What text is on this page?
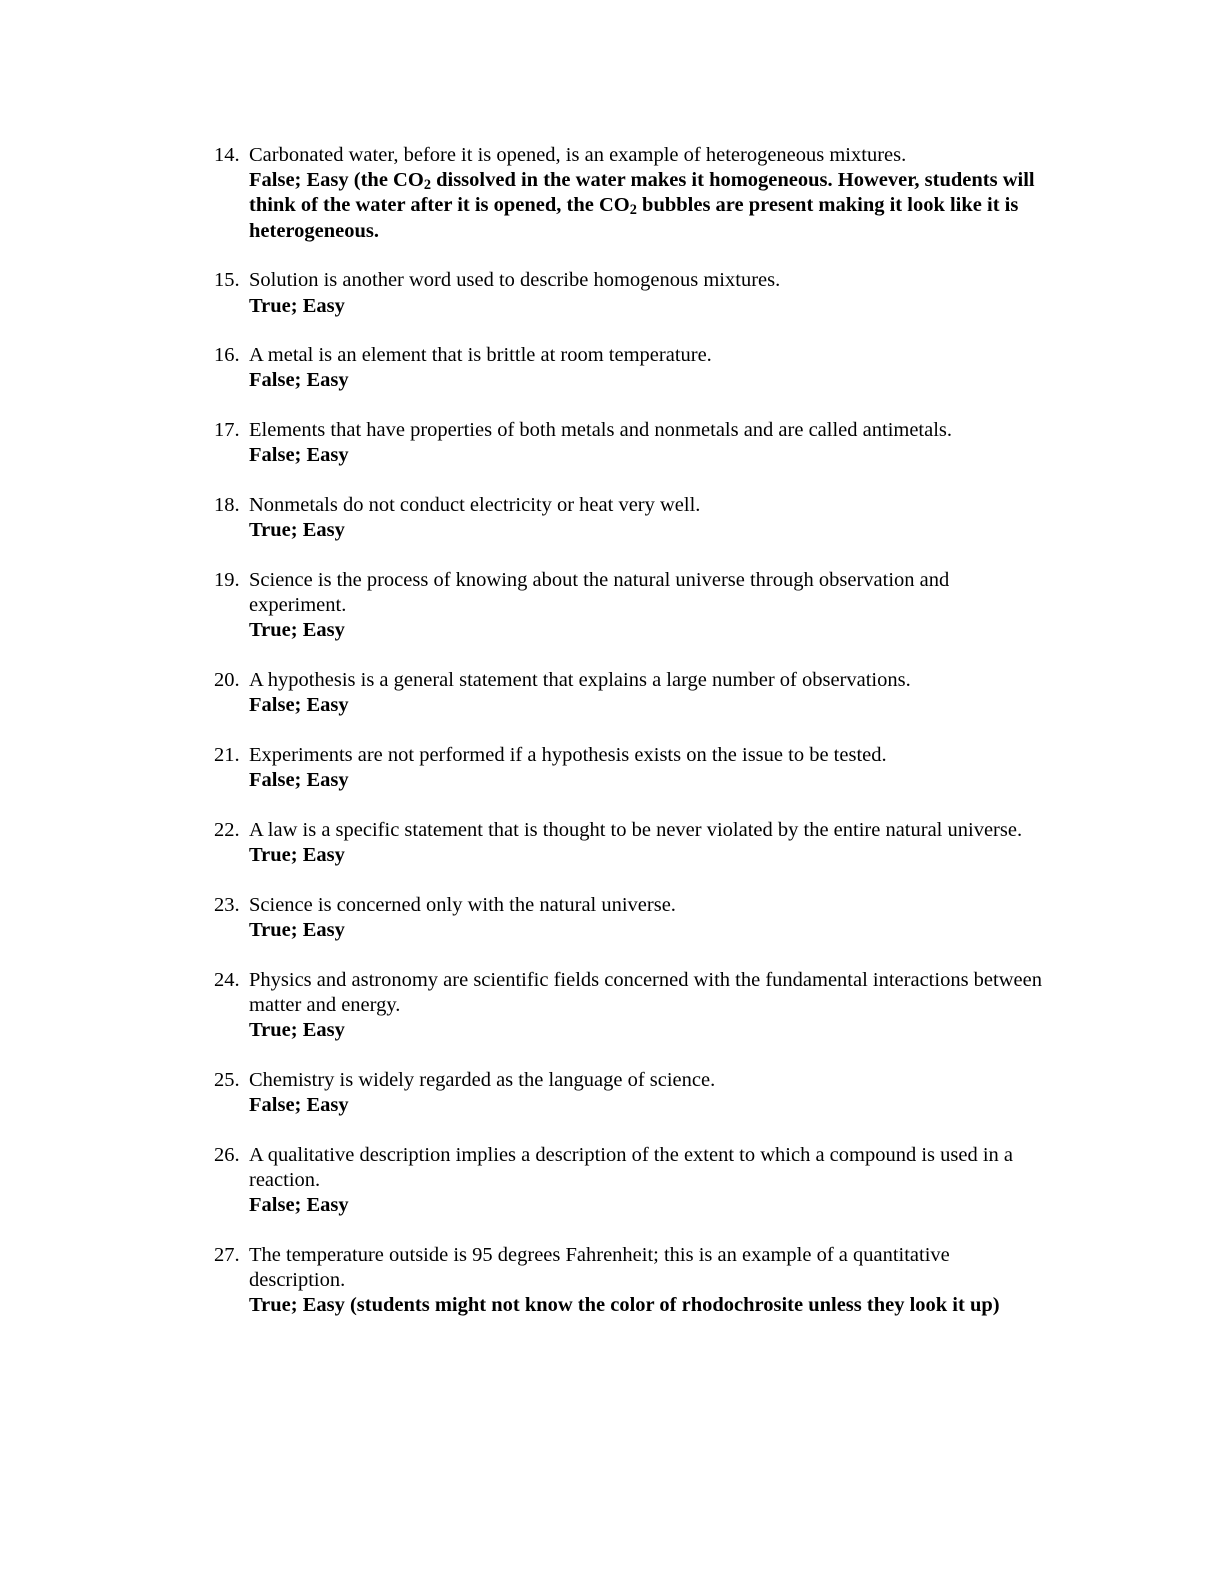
14. Carbonated water, before it is opened, is an example of heterogeneous mixtures.
False; Easy (the $CO_2$ dissolved in the water makes it homogeneous. However, students will think of the water after it is opened, the $CO_2$ bubbles are present making it look like it is heterogeneous.
15. Solution is another word used to describe homogenous mixtures.
True; Easy
16. A metal is an element that is brittle at room temperature.
False; Easy
17. Elements that have properties of both metals and nonmetals and are called antimetals.
False; Easy
18. Nonmetals do not conduct electricity or heat very well.
True; Easy
19. Science is the process of knowing about the natural universe through observation and experiment.
True; Easy
20. A hypothesis is a general statement that explains a large number of observations.
False; Easy
21. Experiments are not performed if a hypothesis exists on the issue to be tested.
False; Easy
22. A law is a specific statement that is thought to be never violated by the entire natural universe.
True; Easy
23. Science is concerned only with the natural universe.
True; Easy
24. Physics and astronomy are scientific fields concerned with the fundamental interactions between matter and energy.
True; Easy
25. Chemistry is widely regarded as the language of science.
False; Easy
26. A qualitative description implies a description of the extent to which a compound is used in a reaction.
False; Easy
27. The temperature outside is 95 degrees Fahrenheit; this is an example of a quantitative description.
True; Easy (students might not know the color of rhodochrosite unless they look it up)
